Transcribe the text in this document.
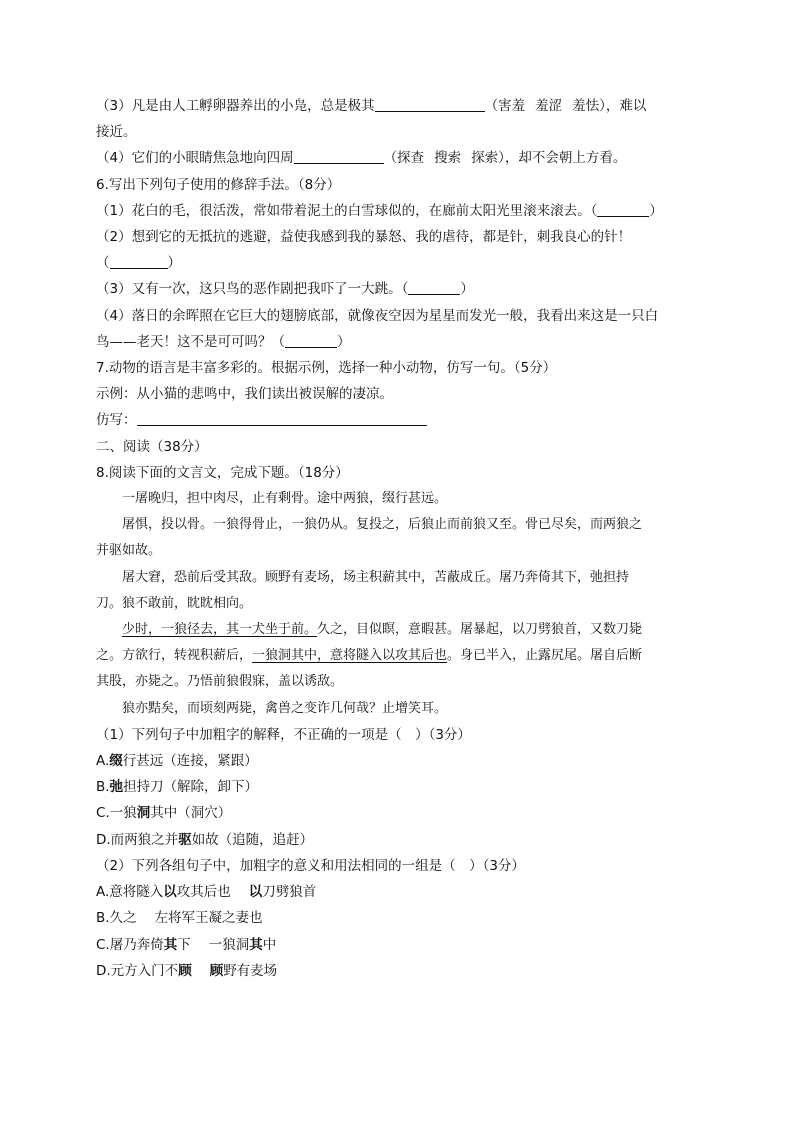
（3）凡是由人工孵卵器养出的小凫，总是极其	（害羞 羞涩 羞怯），难以
接近。
（4）它们的小眼睛焦急地向四周	（探查 搜索 探索），却不会朝上方看。
6.写出下列句子使用的修辞手法。（8分）
（1）花白的毛，很活泼，常如带着泥土的白雪球似的，在廊前太阳光里滚来滚去。（	）
（2）想到它的无抵抗的逃避，益使我感到我的暴怒、我的虐待，都是针，刺我良心的针！
（	）
（3）又有一次，这只鸟的恶作剧把我吓了一大跳。（	）
（4）落日的余晖照在它巨大的翅膀底部，就像夜空因为星星而发光一般，我看出来这是一只白
鸟——老天！这不是可可吗？（	）
7.动物的语言是丰富多彩的。根据示例，选择一种小动物，仿写一句。（5分）
示例：从小猫的悲鸣中，我们读出被误解的凄凉。
仿写：
二、阅读（38分）
8.阅读下面的文言文，完成下题。（18分）
一屠晚归，担中肉尽，止有剩骨。途中两狼，缀行甚远。
屠惧，投以骨。一狼得骨止，一狼仍从。复投之，后狼止而前狼又至。骨已尽矣，而两狼之
并驱如故。
屠大窘，恐前后受其敌。顾野有麦场，场主积薪其中，苫蔽成丘。屠乃奔倚其下，弛担持
刀。狼不敢前，眈眈相向。
少时，一狼径去，其一犬坐于前。久之，目似瞑，意暇甚。屠暴起，以刀劈狼首，又数刀毙
之。方欲行，转视积薪后，一狼洞其中，意将隧入以攻其后也。身已半入，止露尻尾。屠自后断
其股，亦毙之。乃悟前狼假寐，盖以诱敌。
狼亦黠矣，而顷刻两毙，禽兽之变诈几何哉？止增笑耳。
（1）下列句子中加粗字的解释，不正确的一项是（　）（3分）
A.缀行甚远（连接，紧跟）
B.弛担持刀（解除，卸下）
C.一狼洞其中（洞穴）
D.而两狼之并驱如故（追随，追赶）
（2）下列各组句子中，加粗字的意义和用法相同的一组是（　）（3分）
A.意将隧入以攻其后也 以刀劈狼首
B.久之 左将军王凝之妻也
C.屠乃奔倚其下 一狼洞其中
D.元方入门不顾 顾野有麦场
